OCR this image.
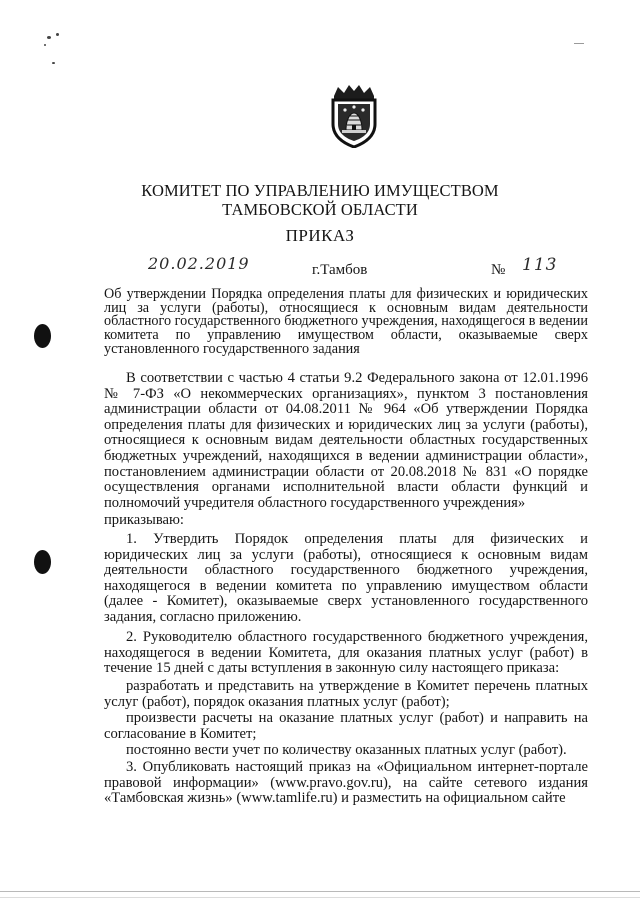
КОМИТЕТ ПО УПРАВЛЕНИЮ ИМУЩЕСТВОМ
ТАМБОВСКОЙ ОБЛАСТИ
ПРИКАЗ
20.02.2019	г.Тамбов	№ 113
Об утверждении Порядка определения платы для физических и юридических лиц за услуги (работы), относящиеся к основным видам деятельности областного государственного бюджетного учреждения, находящегося в ведении комитета по управлению имуществом области, оказываемые сверх установленного государственного задания
В соответствии с частью 4 статьи 9.2 Федерального закона от 12.01.1996 № 7-ФЗ «О некоммерческих организациях», пунктом 3 постановления администрации области от 04.08.2011 № 964 «Об утверждении Порядка определения платы для физических и юридических лиц за услуги (работы), относящиеся к основным видам деятельности областных государственных бюджетных учреждений, находящихся в ведении администрации области», постановлением администрации области от 20.08.2018 № 831 «О порядке осуществления органами исполнительной власти области функций и полномочий учредителя областного государственного учреждения»
приказываю:
1. Утвердить Порядок определения платы для физических и юридических лиц за услуги (работы), относящиеся к основным видам деятельности областного государственного бюджетного учреждения, находящегося в ведении комитета по управлению имуществом области (далее - Комитет), оказываемые сверх установленного государственного задания, согласно приложению.
2. Руководителю областного государственного бюджетного учреждения, находящегося в ведении Комитета, для оказания платных услуг (работ) в течение 15 дней с даты вступления в законную силу настоящего приказа:
разработать и представить на утверждение в Комитет перечень платных услуг (работ), порядок оказания платных услуг (работ);
произвести расчеты на оказание платных услуг (работ) и направить на согласование в Комитет;
постоянно вести учет по количеству оказанных платных услуг (работ).
3. Опубликовать настоящий приказ на «Официальном интернет-портале правовой информации» (www.pravo.gov.ru), на сайте сетевого издания «Тамбовская жизнь» (www.tamlife.ru) и разместить на официальном сайте
